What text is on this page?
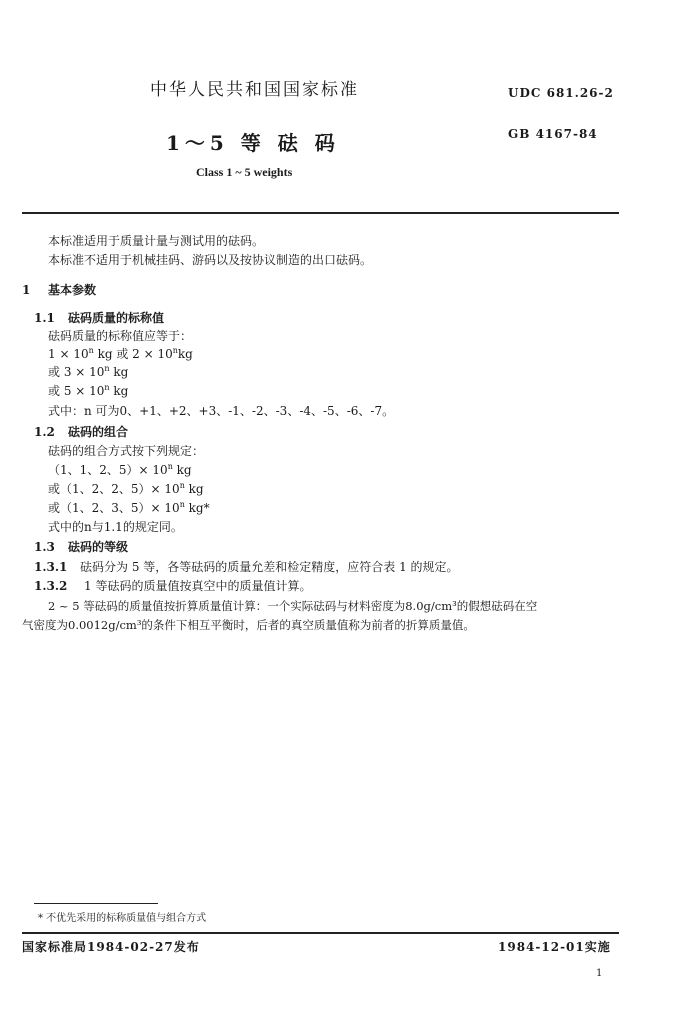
中华人民共和国国家标准	UDC 681.26-2
1～5 等 砝 码	GB 4167-84
Class 1 ~ 5 weights
本标准适用于质量计量与测试用的砝码。
本标准不适用于机械挂码、游码以及按协议制造的出口砝码。
1 基本参数
1.1 砝码质量的标称值
砝码质量的标称值应等于：
$1 \times 10^n$ kg 或 $2 \times 10^nkg$
或 $3 \times 10^n$ kg
或 $5 \times 10^n$ kg
式中：n 可为0、+1、+2、+3、-1、-2、-3、-4、-5、-6、-7。
1.2 砝码的组合
砝码的组合方式按下列规定：
（1、1、2、$5)\times 10^n$ kg
或（1、2、2、$5)\times 10^n$ kg
或（1、2、3、$5)\times 10^n$ kg*
式中的n与1.1的规定同。
1.3 砝码的等级
1.3.1 砝码分为 5 等，各等砝码的质量允差和检定精度，应符合表 1 的规定。
1.3.2 1 等砝码的质量值按真空中的质量值计算。
2 ~ 5 等砝码的质量值按折算质量值计算：一个实际砝码与材料密度为8.0g/cm³的假想砝码在空
气密度为0.0012g/cm³的条件下相互平衡时，后者的真空质量值称为前者的折算质量值。
* 不优先采用的标称质量值与组合方式
国家标准局1984-02-27发布	1984-12-01实施
1
